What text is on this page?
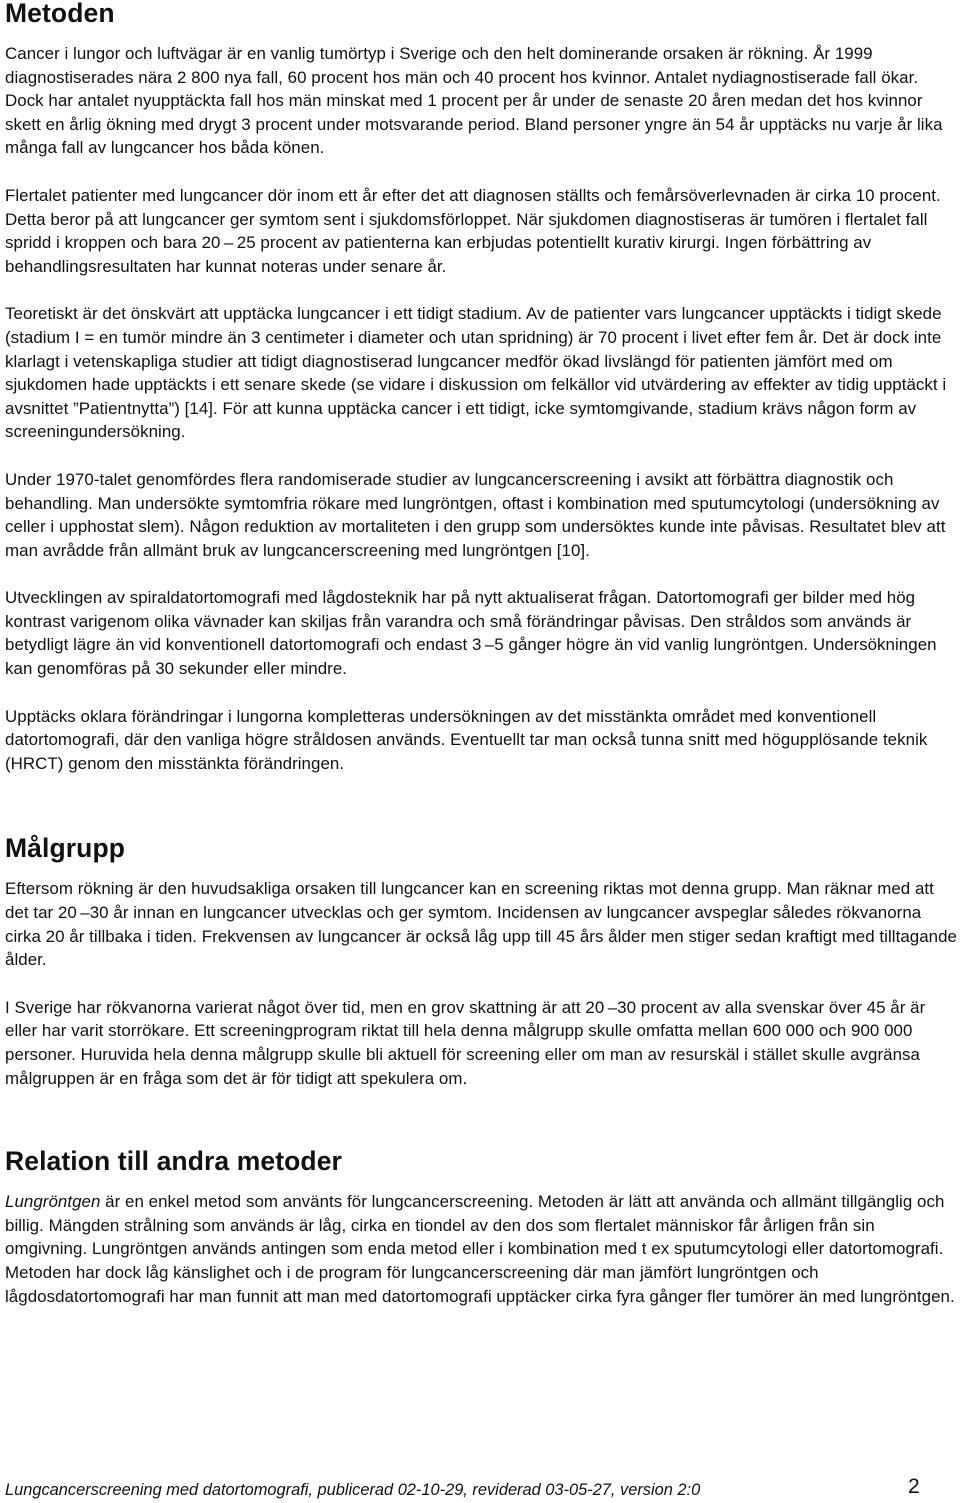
Metoden

Cancer i lungor och luftvägar är en vanlig tumörtyp i Sverige och den helt dominerande orsaken är rökning. År 1999 diagnostiserades nära 2 800 nya fall, 60 procent hos män och 40 procent hos kvinnor. Antalet nydiagnostiserade fall ökar. Dock har antalet nyupptäckta fall hos män minskat med 1 procent per år under de senaste 20 åren medan det hos kvinnor skett en årlig ökning med drygt 3 procent under motsvarande period. Bland personer yngre än 54 år upptäcks nu varje år lika många fall av lungcancer hos båda könen.

Flertalet patienter med lungcancer dör inom ett år efter det att diagnosen ställts och femårsöverlevnaden är cirka 10 procent. Detta beror på att lungcancer ger symtom sent i sjukdomsförloppet. När sjukdomen diagnostiseras är tumören i flertalet fall spridd i kroppen och bara 20 – 25 procent av patienterna kan erbjudas potentiellt kurativ kirurgi. Ingen förbättring av behandlingsresultaten har kunnat noteras under senare år.

Teoretiskt är det önskvärt att upptäcka lungcancer i ett tidigt stadium. Av de patienter vars lungcancer upptäckts i tidigt skede (stadium I = en tumör mindre än 3 centimeter i diameter och utan spridning) är 70 procent i livet efter fem år. Det är dock inte klarlagt i vetenskapliga studier att tidigt diagnostiserad lungcancer medför ökad livslängd för patienten jämfört med om sjukdomen hade upptäckts i ett senare skede (se vidare i diskussion om felkällor vid utvärdering av effekter av tidig upptäckt i avsnittet ”Patientnytta”) [14]. För att kunna upptäcka cancer i ett tidigt, icke symtomgivande, stadium krävs någon form av screeningundersökning.

Under 1970-talet genomfördes flera randomiserade studier av lungcancerscreening i avsikt att förbättra diagnostik och behandling. Man undersökte symtomfria rökare med lungröntgen, oftast i kombination med sputumcytologi (undersökning av celler i upphostat slem). Någon reduktion av mortaliteten i den grupp som undersöktes kunde inte påvisas. Resultatet blev att man avrådde från allmänt bruk av lungcancerscreening med lungröntgen [10].

Utvecklingen av spiraldatortomografi med lågdosteknik har på nytt aktualiserat frågan. Datortomografi ger bilder med hög kontrast varigenom olika vävnader kan skiljas från varandra och små förändringar påvisas. Den stråldos som används är betydligt lägre än vid konventionell datortomografi och endast 3 –5 gånger högre än vid vanlig lungröntgen. Undersökningen kan genomföras på 30 sekunder eller mindre.

Upptäcks oklara förändringar i lungorna kompletteras undersökningen av det misstänkta området med konventionell datortomografi, där den vanliga högre stråldosen används. Eventuellt tar man också tunna snitt med högupplösande teknik (HRCT) genom den misstänkta förändringen.

Målgrupp

Eftersom rökning är den huvudsakliga orsaken till lungcancer kan en screening riktas mot denna grupp. Man räknar med att det tar 20 –30 år innan en lungcancer utvecklas och ger symtom. Incidensen av lungcancer avspeglar således rökvanorna cirka 20 år tillbaka i tiden. Frekvensen av lungcancer är också låg upp till 45 års ålder men stiger sedan kraftigt med tilltagande ålder.

I Sverige har rökvanorna varierat något över tid, men en grov skattning är att 20 –30 procent av alla svenskar över 45 år är eller har varit storrökare. Ett screeningprogram riktat till hela denna målgrupp skulle omfatta mellan 600 000 och 900 000 personer. Huruvida hela denna målgrupp skulle bli aktuell för screening eller om man av resurskäl i stället skulle avgränsa målgruppen är en fråga som det är för tidigt att spekulera om.

Relation till andra metoder

Lungröntgen är en enkel metod som använts för lungcancerscreening. Metoden är lätt att använda och allmänt tillgänglig och billig. Mängden strålning som används är låg, cirka en tiondel av den dos som flertalet människor får årligen från sin omgivning. Lungröntgen används antingen som enda metod eller i kombination med t ex sputumcytologi eller datortomografi. Metoden har dock låg känslighet och i de program för lungcancerscreening där man jämfört lungröntgen och lågdosdatortomografi har man funnit att man med datortomografi upptäcker cirka fyra gånger fler tumörer än med lungröntgen.

Lungcancerscreening med datortomografi, publicerad 02-10-29, reviderad 03-05-27, version 2:0	2
